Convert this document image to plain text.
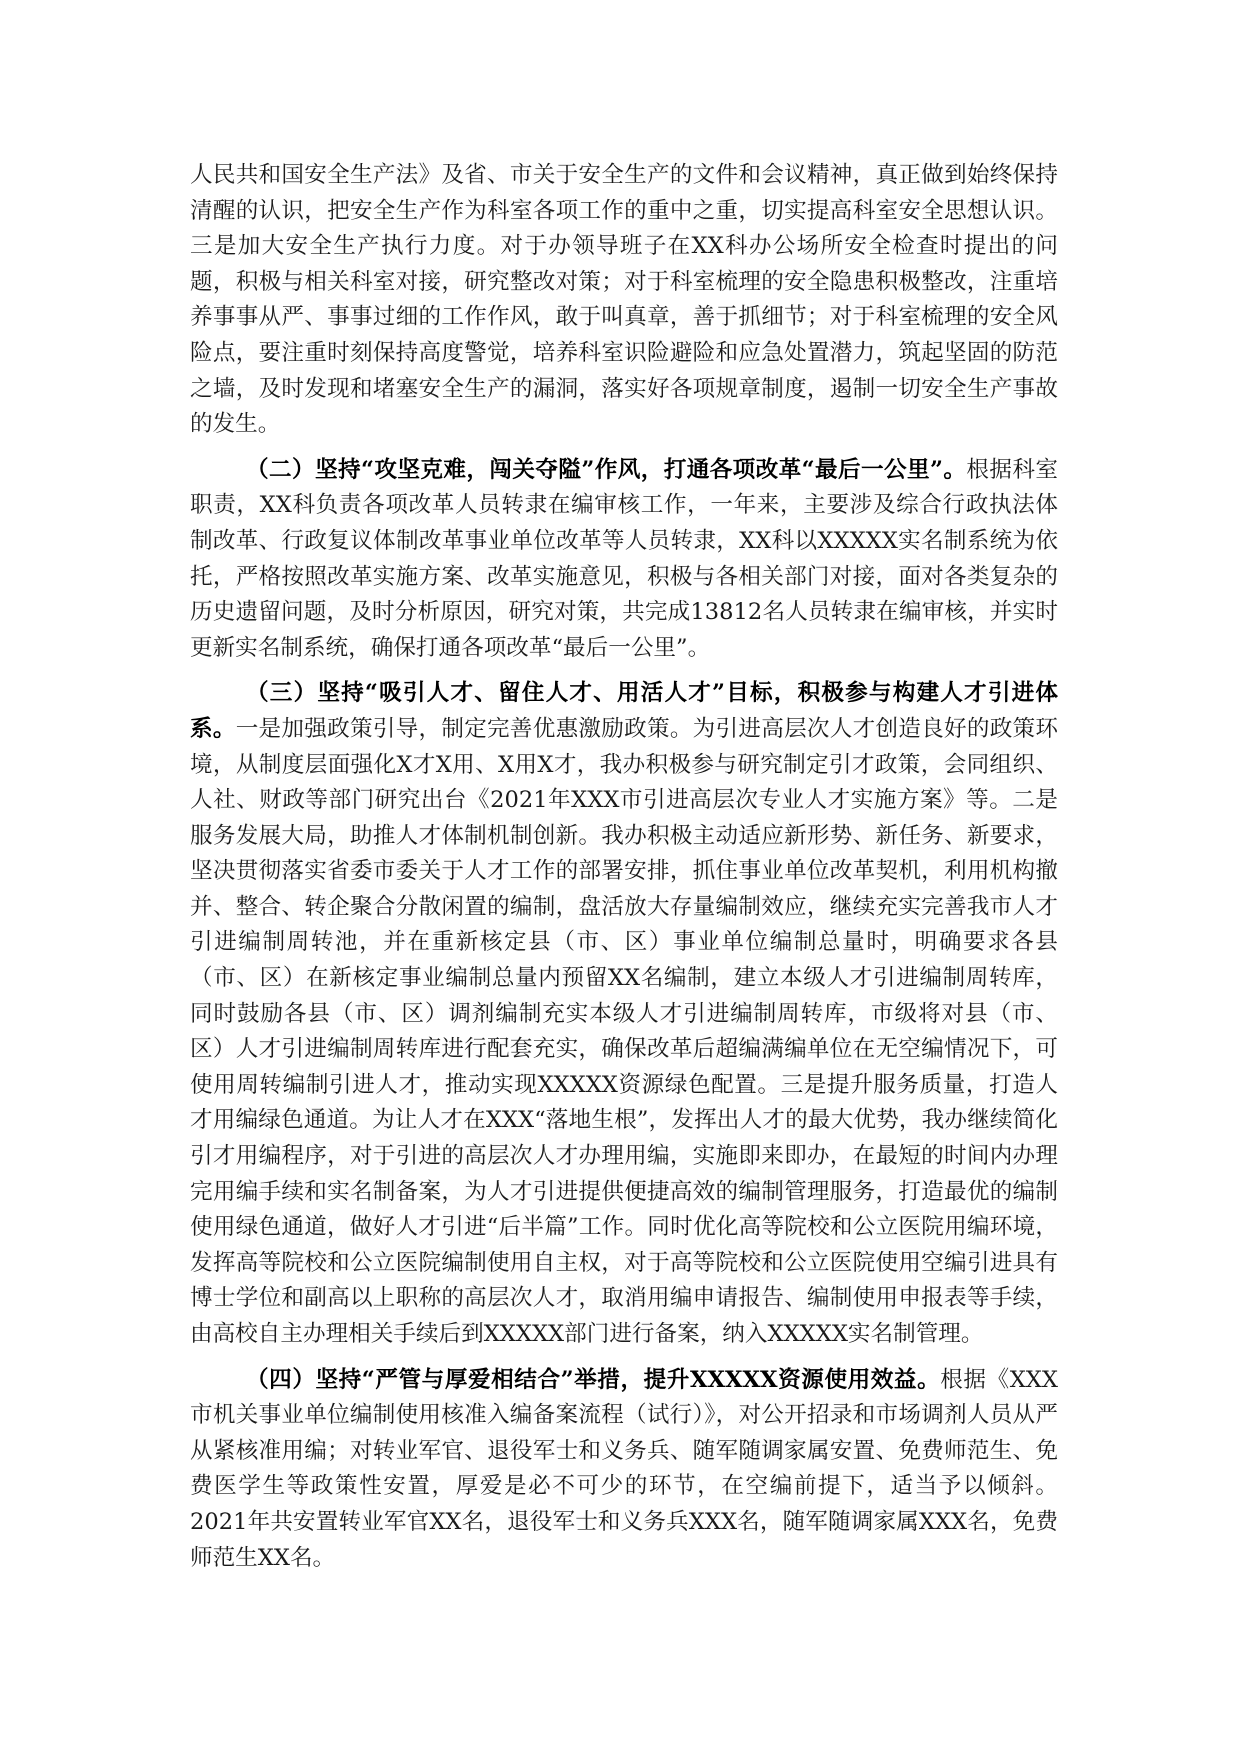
人民共和国安全生产法》及省、市关于安全生产的文件和会议精神，真正做到始终保持清醒的认识，把安全生产作为科室各项工作的重中之重，切实提高科室安全思想认识。三是加大安全生产执行力度。对于办领导班子在XX科办公场所安全检查时提出的问题，积极与相关科室对接，研究整改对策；对于科室梳理的安全隐患积极整改，注重培养事事从严、事事过细的工作作风，敢于叫真章，善于抓细节；对于科室梳理的安全风险点，要注重时刻保持高度警觉，培养科室识险避险和应急处置潜力，筑起坚固的防范之墙，及时发现和堵塞安全生产的漏洞，落实好各项规章制度，遏制一切安全生产事故的发生。

（二）坚持“攻坚克难，闯关夺隘”作风，打通各项改革“最后一公里”。根据科室职责，XX科负责各项改革人员转隶在编审核工作，一年来，主要涉及综合行政执法体制改革、行政复议体制改革事业单位改革等人员转隶，XX科以XXXXX实名制系统为依托，严格按照改革实施方案、改革实施意见，积极与各相关部门对接，面对各类复杂的历史遗留问题，及时分析原因，研究对策，共完成13812名人员转隶在编审核，并实时更新实名制系统，确保打通各项改革“最后一公里”。

（三）坚持“吸引人才、留住人才、用活人才”目标，积极参与构建人才引进体系。一是加强政策引导，制定完善优惠激励政策。为引进高层次人才创造良好的政策环境，从制度层面强化X才X用、X用X才，我办积极参与研究制定引才政策，会同组织、人社、财政等部门研究出台《2021年XXX市引进高层次专业人才实施方案》等。二是服务发展大局，助推人才体制机制创新。我办积极主动适应新形势、新任务、新要求，坚决贯彻落实省委市委关于人才工作的部署安排，抓住事业单位改革契机，利用机构撤并、整合、转企聚合分散闲置的编制，盘活放大存量编制效应，继续充实完善我市人才引进编制周转池，并在重新核定县（市、区）事业单位编制总量时，明确要求各县（市、区）在新核定事业编制总量内预留XX名编制，建立本级人才引进编制周转库，同时鼓励各县（市、区）调剂编制充实本级人才引进编制周转库，市级将对县（市、区）人才引进编制周转库进行配套充实，确保改革后超编满编单位在无空编情况下，可使用周转编制引进人才，推动实现XXXXX资源绿色配置。三是提升服务质量，打造人才用编绿色通道。为让人才在XXX“落地生根”，发挥出人才的最大优势，我办继续简化引才用编程序，对于引进的高层次人才办理用编，实施即来即办，在最短的时间内办理完用编手续和实名制备案，为人才引进提供便捷高效的编制管理服务，打造最优的编制使用绿色通道，做好人才引进“后半篇”工作。同时优化高等院校和公立医院用编环境，发挥高等院校和公立医院编制使用自主权，对于高等院校和公立医院使用空编引进具有博士学位和副高以上职称的高层次人才，取消用编申请报告、编制使用申报表等手续，由高校自主办理相关手续后到XXXXX部门进行备案，纳入XXXXX实名制管理。

（四）坚持“严管与厚爱相结合”举措，提升XXXXX资源使用效益。根据《XXX市机关事业单位编制使用核准入编备案流程（试行）》，对公开招录和市场调剂人员从严从紧核准用编；对转业军官、退役军士和义务兵、随军随调家属安置、免费师范生、免费医学生等政策性安置，厚爱是必不可少的环节，在空编前提下，适当予以倾斜。2021年共安置转业军官XX名，退役军士和义务兵XXX名，随军随调家属XXX名，免费师范生XX名。
